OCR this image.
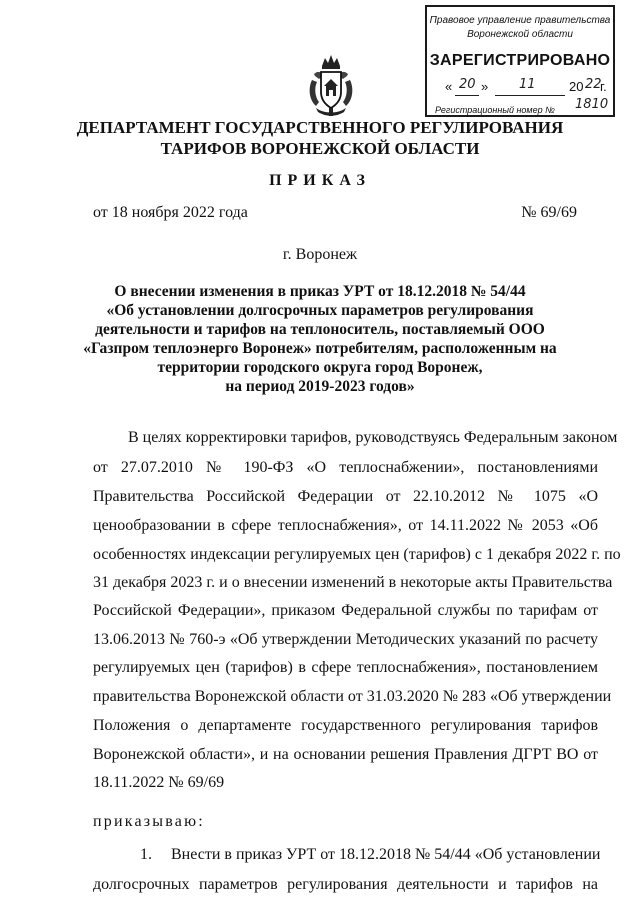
Правовое управление правительства
Воронежской области
ЗАРЕГИСТРИРОВАНО
« 20 » 11	20 22
г.
Регистрационный номер № 1810
ДЕПАРТАМЕНТ ГОСУДАРСТВЕННОГО РЕГУЛИРОВАНИЯ
ТАРИФОВ ВОРОНЕЖСКОЙ ОБЛАСТИ
ПРИКАЗ
от 18 ноября 2022 года	№ 69/69
г. Воронеж
О внесении изменения в приказ УРТ от 18.12.2018 № 54/44
«Об установлении долгосрочных параметров регулирования
деятельности и тарифов на теплоноситель, поставляемый ООО
«Газпром теплоэнерго Воронеж» потребителям, расположенным на
территории городского округа город Воронеж,
на период 2019-2023 годов»
В целях корректировки тарифов, руководствуясь Федеральным законом
от 27.07.2010 № 190-ФЗ «О теплоснабжении», постановлениями
Правительства Российской Федерации от 22.10.2012 № 1075 «О
ценообразовании в сфере теплоснабжения», от 14.11.2022 № 2053 «Об
особенностях индексации регулируемых цен (тарифов) с 1 декабря 2022 г. по
31 декабря 2023 г. и о внесении изменений в некоторые акты Правительства
Российской Федерации», приказом Федеральной службы по тарифам от
13.06.2013 № 760-э «Об утверждении Методических указаний по расчету
регулируемых цен (тарифов) в сфере теплоснабжения», постановлением
правительства Воронежской области от 31.03.2020 № 283 «Об утверждении
Положения о департаменте государственного регулирования тарифов
Воронежской области», и на основании решения Правления ДГРТ ВО от
18.11.2022 № 69/69
приказываю:
1. Внести в приказ УРТ от 18.12.2018 № 54/44 «Об установлении
долгосрочных параметров регулирования деятельности и тарифов на
